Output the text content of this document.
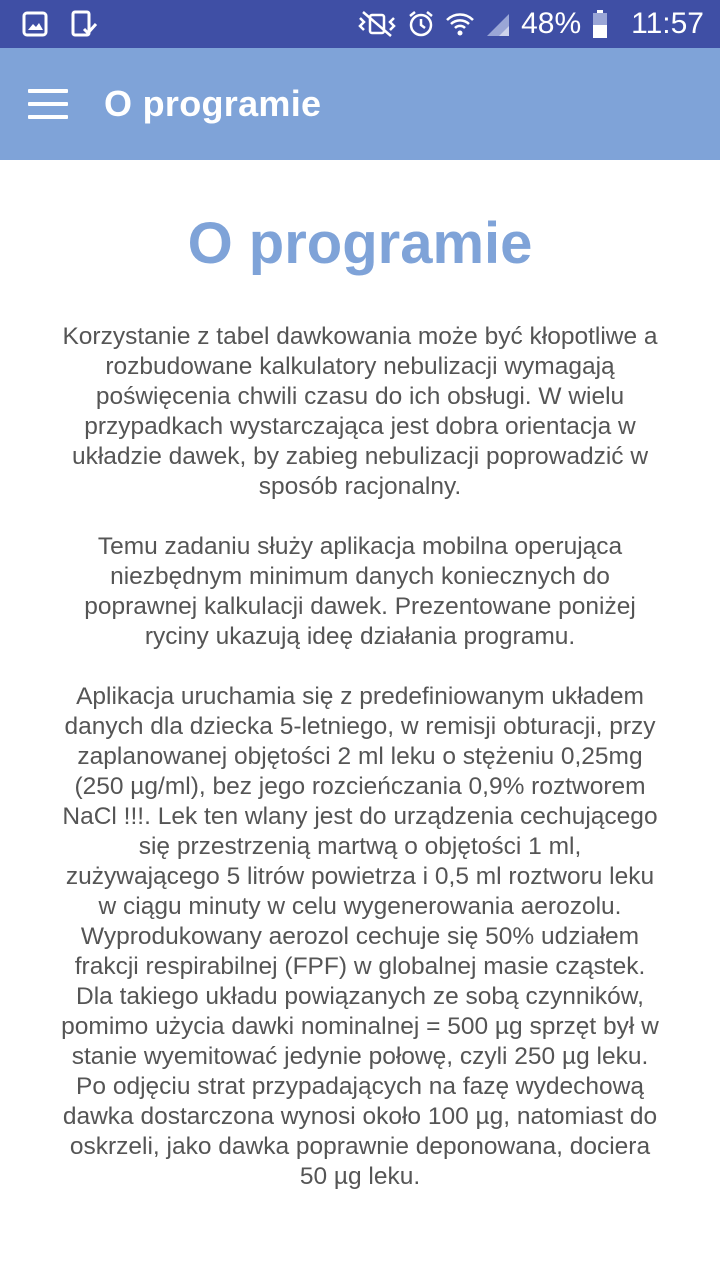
48% 11:57
O programie
O programie

Korzystanie z tabel dawkowania może być kłopotliwe a
rozbudowane kalkulatory nebulizacji wymagają
poświęcenia chwili czasu do ich obsługi. W wielu
przypadkach wystarczająca jest dobra orientacja w
układzie dawek, by zabieg nebulizacji poprowadzić w
sposób racjonalny.

Temu zadaniu służy aplikacja mobilna operująca
niezbędnym minimum danych koniecznych do
poprawnej kalkulacji dawek. Prezentowane poniżej
ryciny ukazują ideę działania programu.

Aplikacja uruchamia się z predefiniowanym układem
danych dla dziecka 5-letniego, w remisji obturacji, przy
zaplanowanej objętości 2 ml leku o stężeniu 0,25mg
(250 µg/ml), bez jego rozcieńczania 0,9% roztworem
NaCl !!!. Lek ten wlany jest do urządzenia cechującego
się przestrzenią martwą o objętości 1 ml,
zużywającego 5 litrów powietrza i 0,5 ml roztworu leku
w ciągu minuty w celu wygenerowania aerozolu.
Wyprodukowany aerozol cechuje się 50% udziałem
frakcji respirabilnej (FPF) w globalnej masie cząstek.
Dla takiego układu powiązanych ze sobą czynników,
pomimo użycia dawki nominalnej = 500 µg sprzęt był w
stanie wyemitować jedynie połowę, czyli 250 µg leku.
Po odjęciu strat przypadających na fazę wydechową
dawka dostarczona wynosi około 100 µg, natomiast do
oskrzeli, jako dawka poprawnie deponowana, dociera
50 µg leku.
